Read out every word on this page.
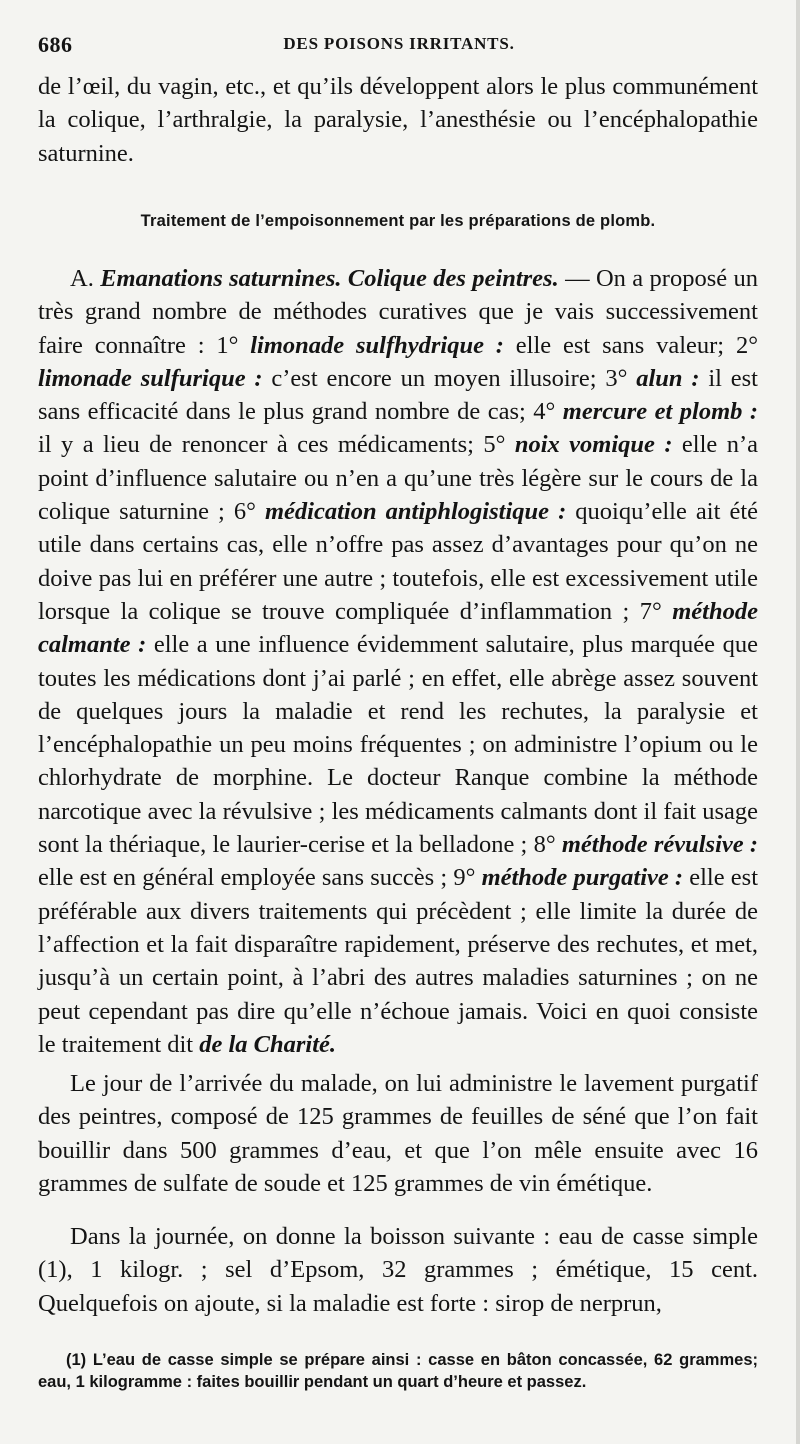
686	DES POISONS IRRITANTS.

de l’œil, du vagin, etc., et qu’ils développent alors le plus communément la colique, l’arthralgie, la paralysie, l’anesthésie ou l’encéphalopathie saturnine.

Traitement de l’empoisonnement par les préparations de plomb.

A. Emanations saturnines. Colique des peintres. — On a proposé un très grand nombre de méthodes curatives que je vais successivement faire connaître : 1° limonade sulfhydrique : elle est sans valeur; 2° limonade sulfurique : c’est encore un moyen illusoire; 3° alun : il est sans efficacité dans le plus grand nombre de cas; 4° mercure et plomb : il y a lieu de renoncer à ces médicaments; 5° noix vomique : elle n’a point d’influence salutaire ou n’en a qu’une très légère sur le cours de la colique saturnine ; 6° médication antiphlogistique : quoiqu’elle ait été utile dans certains cas, elle n’offre pas assez d’avantages pour qu’on ne doive pas lui en préférer une autre ; toutefois, elle est excessivement utile lorsque la colique se trouve compliquée d’inflammation ; 7° méthode calmante : elle a une influence évidemment salutaire, plus marquée que toutes les médications dont j’ai parlé ; en effet, elle abrège assez souvent de quelques jours la maladie et rend les rechutes, la paralysie et l’encéphalopathie un peu moins fréquentes ; on administre l’opium ou le chlorhydrate de morphine. Le docteur Ranque combine la méthode narcotique avec la révulsive ; les médicaments calmants dont il fait usage sont la thériaque, le laurier-cerise et la belladone ; 8° méthode révulsive : elle est en général employée sans succès ; 9° méthode purgative : elle est préférable aux divers traitements qui précèdent ; elle limite la durée de l’affection et la fait disparaître rapidement, préserve des rechutes, et met, jusqu’à un certain point, à l’abri des autres maladies saturnines ; on ne peut cependant pas dire qu’elle n’échoue jamais. Voici en quoi consiste le traitement dit de la Charité.

Le jour de l’arrivée du malade, on lui administre le lavement purgatif des peintres, composé de 125 grammes de feuilles de séné que l’on fait bouillir dans 500 grammes d’eau, et que l’on mêle ensuite avec 16 grammes de sulfate de soude et 125 grammes de vin émétique.

Dans la journée, on donne la boisson suivante : eau de casse simple (1), 1 kilogr. ; sel d’Epsom, 32 grammes ; émétique, 15 cent. Quelquefois on ajoute, si la maladie est forte : sirop de nerprun,

(1) L’eau de casse simple se prépare ainsi : casse en bâton concassée, 62 grammes; eau, 1 kilogramme : faites bouillir pendant un quart d’heure et passez.
